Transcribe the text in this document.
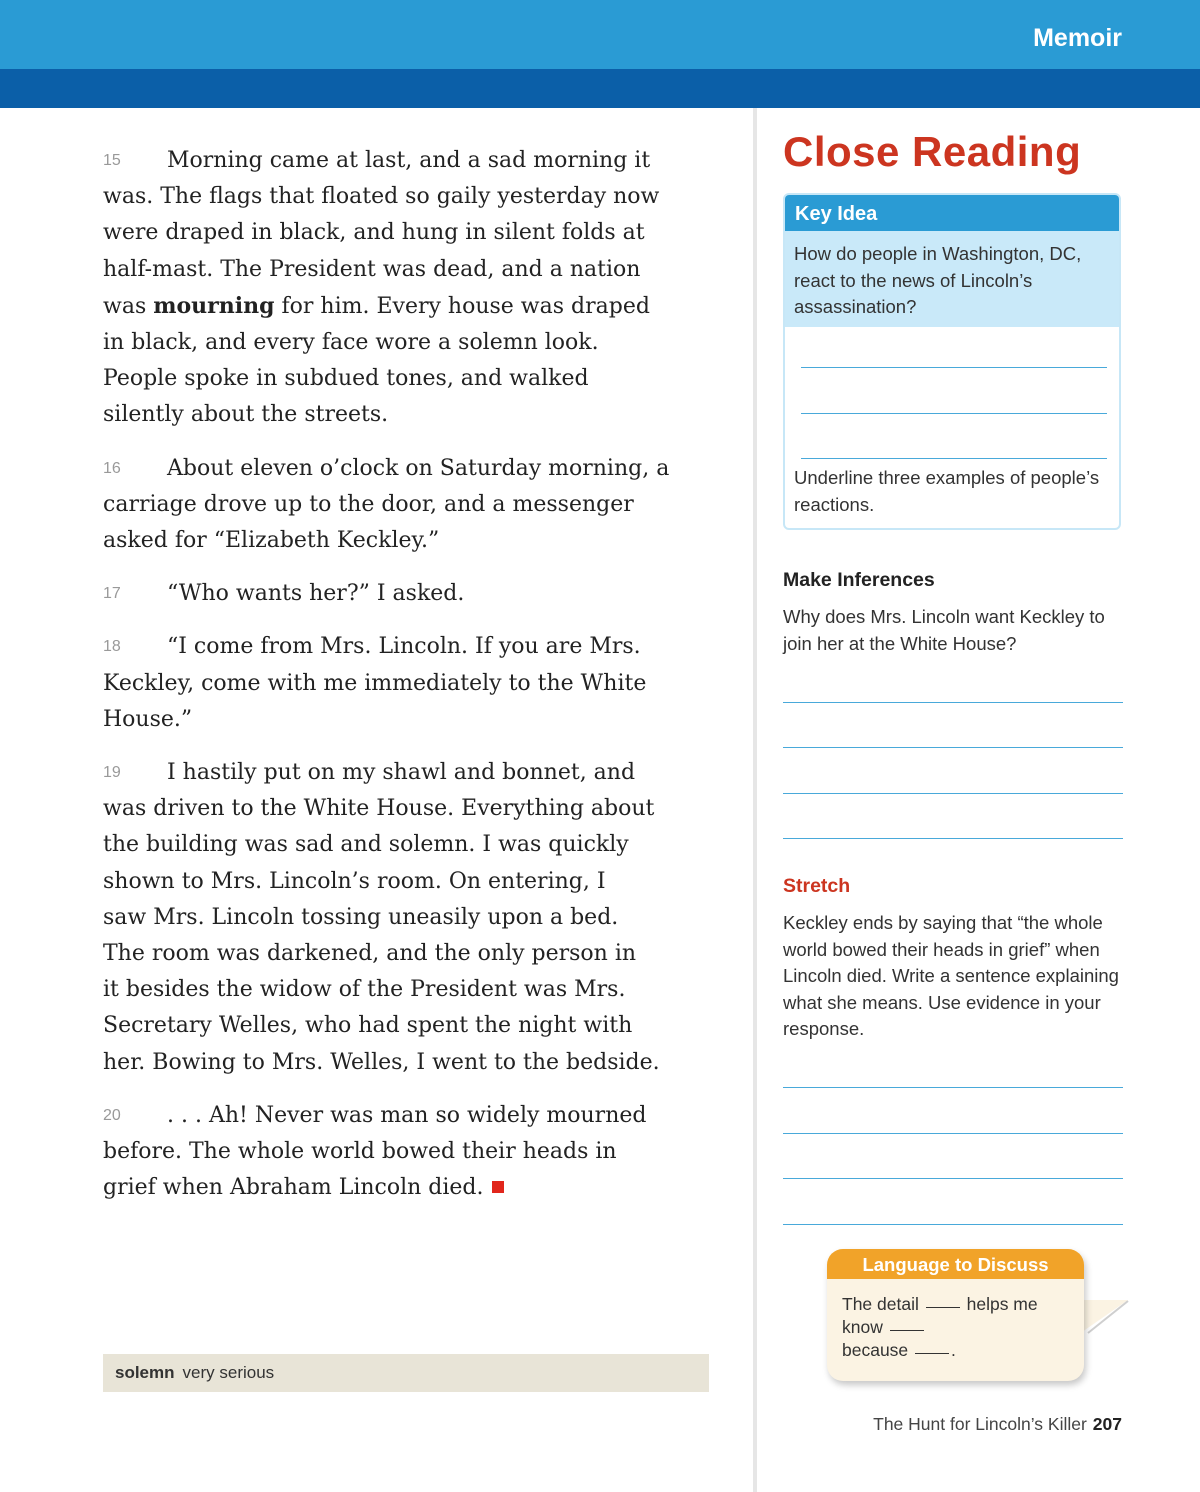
Memoir

15 Morning came at last, and a sad morning it was. The flags that floated so gaily yesterday now were draped in black, and hung in silent folds at half-mast. The President was dead, and a nation was mourning for him. Every house was draped in black, and every face wore a solemn look. People spoke in subdued tones, and walked silently about the streets.

16 About eleven o’clock on Saturday morning, a carriage drove up to the door, and a messenger asked for “Elizabeth Keckley.”

17 “Who wants her?” I asked.

18 “I come from Mrs. Lincoln. If you are Mrs. Keckley, come with me immediately to the White House.”

19 I hastily put on my shawl and bonnet, and was driven to the White House. Everything about the building was sad and solemn. I was quickly shown to Mrs. Lincoln’s room. On entering, I
saw Mrs. Lincoln tossing uneasily upon a bed.
The room was darkened, and the only person in
it besides the widow of the President was Mrs. Secretary Welles, who had spent the night with her. Bowing to Mrs. Welles, I went to the bedside.

20 . . . Ah! Never was man so widely mourned before. The whole world bowed their heads in grief when Abraham Lincoln died.

solemn very serious
Close Reading
Key Idea
How do people in Washington, DC, react to the news of Lincoln’s assassination?
Underline three examples of people’s reactions.
Make Inferences
Why does Mrs. Lincoln want Keckley to join her at the White House?
Stretch
Keckley ends by saying that “the whole world bowed their heads in grief” when Lincoln died. Write a sentence explaining what she means. Use evidence in your response.
Language to Discuss
The detail	helps me know
because .
The Hunt for Lincoln’s Killer 207
